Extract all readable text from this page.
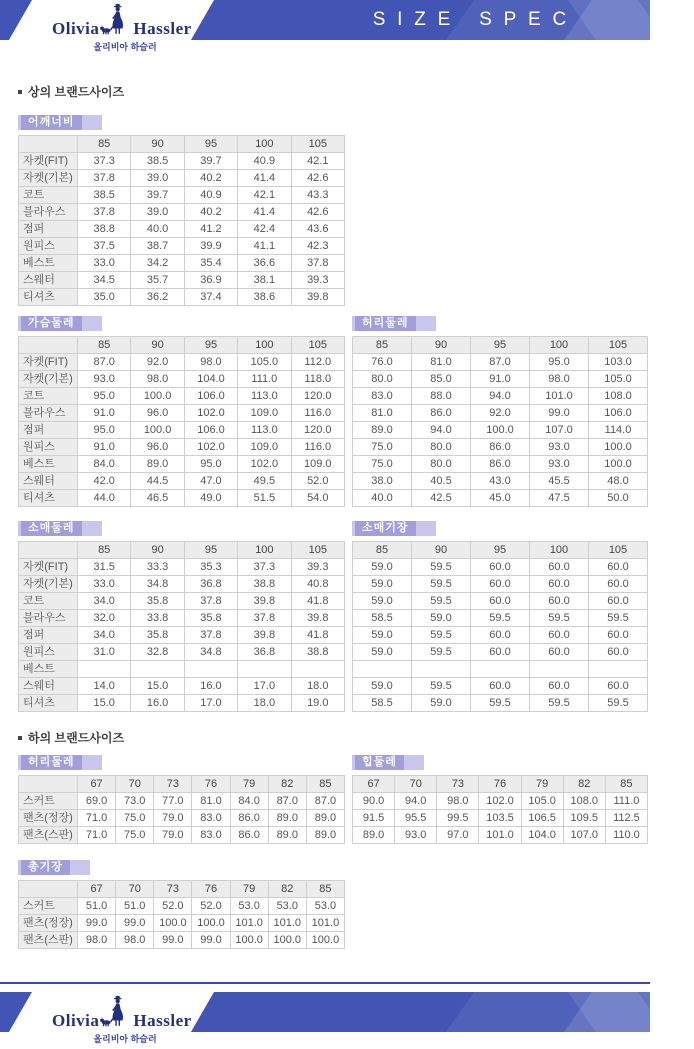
Olivia Hassler	SIZE SPEC
올리비아 하슬러
상의 브랜드사이즈
어깨너비
	85	90	95	100	105
자켓(FIT)	37.3	38.5	39.7	40.9	42.1
자켓(기본)	37.8	39.0	40.2	41.4	42.6
코트	38.5	39.7	40.9	42.1	43.3
블라우스	37.8	39.0	40.2	41.4	42.6
점퍼	38.8	40.0	41.2	42.4	43.6
원피스	37.5	38.7	39.9	41.1	42.3
베스트	33.0	34.2	35.4	36.6	37.8
스웨터	34.5	35.7	36.9	38.1	39.3
티셔츠	35.0	36.2	37.4	38.6	39.8
가슴둘레
	85	90	95	100	105
자켓(FIT)	87.0	92.0	98.0	105.0	112.0
자켓(기본)	93.0	98.0	104.0	111.0	118.0
코트	95.0	100.0	106.0	113.0	120.0
블라우스	91.0	96.0	102.0	109.0	116.0
점퍼	95.0	100.0	106.0	113.0	120.0
원피스	91.0	96.0	102.0	109.0	116.0
베스트	84.0	89.0	95.0	102.0	109.0
스웨터	42.0	44.5	47.0	49.5	52.0
티셔츠	44.0	46.5	49.0	51.5	54.0
허리둘레
85	90	95	100	105
76.0	81.0	87.0	95.0	103.0
80.0	85.0	91.0	98.0	105.0
83.0	88.0	94.0	101.0	108.0
81.0	86.0	92.0	99.0	106.0
89.0	94.0	100.0	107.0	114.0
75.0	80.0	86.0	93.0	100.0
75.0	80.0	86.0	93.0	100.0
38.0	40.5	43.0	45.5	48.0
40.0	42.5	45.0	47.5	50.0
소매둘레
	85	90	95	100	105
자켓(FIT)	31.5	33.3	35.3	37.3	39.3
자켓(기본)	33.0	34.8	36.8	38.8	40.8
코트	34.0	35.8	37.8	39.8	41.8
블라우스	32.0	33.8	35.8	37.8	39.8
점퍼	34.0	35.8	37.8	39.8	41.8
원피스	31.0	32.8	34.8	36.8	38.8
베스트					
스웨터	14.0	15.0	16.0	17.0	18.0
티셔츠	15.0	16.0	17.0	18.0	19.0
소매기장
85	90	95	100	105
59.0	59.5	60.0	60.0	60.0
59.0	59.5	60.0	60.0	60.0
59.0	59.5	60.0	60.0	60.0
58.5	59.0	59.5	59.5	59.5
59.0	59.5	60.0	60.0	60.0
59.0	59.5	60.0	60.0	60.0

59.0	59.5	60.0	60.0	60.0
58.5	59.0	59.5	59.5	59.5
하의 브랜드사이즈
허리둘레
	67	70	73	76	79	82	85
스커트	69.0	73.0	77.0	81.0	84.0	87.0	87.0
팬츠(정장)	71.0	75.0	79.0	83.0	86.0	89.0	89.0
팬츠(스판)	71.0	75.0	79.0	83.0	86.0	89.0	89.0
힙둘레
67	70	73	76	79	82	85
90.0	94.0	98.0	102.0	105.0	108.0	111.0
91.5	95.5	99.5	103.5	106.5	109.5	112.5
89.0	93.0	97.0	101.0	104.0	107.0	110.0
총기장
	67	70	73	76	79	82	85
스커트	51.0	51.0	52.0	52.0	53.0	53.0	53.0
팬츠(정장)	99.0	99.0	100.0	100.0	101.0	101.0	101.0
팬츠(스판)	98.0	98.0	99.0	99.0	100.0	100.0	100.0
Olivia Hassler
올리비아 하슬러
